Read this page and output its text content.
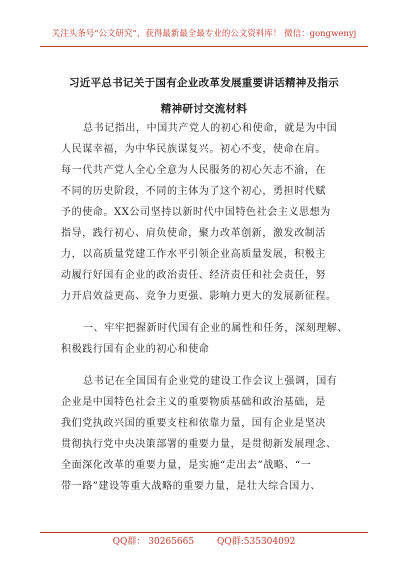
关注头条号“公文研究”，获得最新最全最专业的公文资料库！ 微信：gongwenyj
习近平总书记关于国有企业改革发展重要讲话精神及指示
精神研讨交流材料
总书记指出，中国共产党人的初心和使命，就是为中国
人民谋幸福，为中华民族谋复兴。初心不变，使命在肩。
每一代共产党人全心全意为人民服务的初心矢志不渝，在
不同的历史阶段，不同的主体为了这个初心，勇担时代赋
予的使命。XX公司坚持以新时代中国特色社会主义思想为
指导，践行初心、肩负使命，聚力改革创新，激发改制活
力，以高质量党建工作水平引领企业高质量发展，积极主
动履行好国有企业的政治责任、经济责任和社会责任，努
力开启效益更高、竞争力更强、影响力更大的发展新征程。
一、牢牢把握新时代国有企业的属性和任务，深刻理解、
积极践行国有企业的初心和使命
总书记在全国国有企业党的建设工作会议上强调，国有
企业是中国特色社会主义的重要物质基础和政治基础，是
我们党执政兴国的重要支柱和依靠力量，国有企业是坚决
贯彻执行党中央决策部署的重要力量，是贯彻新发展理念、
全面深化改革的重要力量，是实施“走出去”战略、“一
带一路”建设等重大战略的重要力量，是壮大综合国力、
QQ群： 30265665	QQ群:535304092
